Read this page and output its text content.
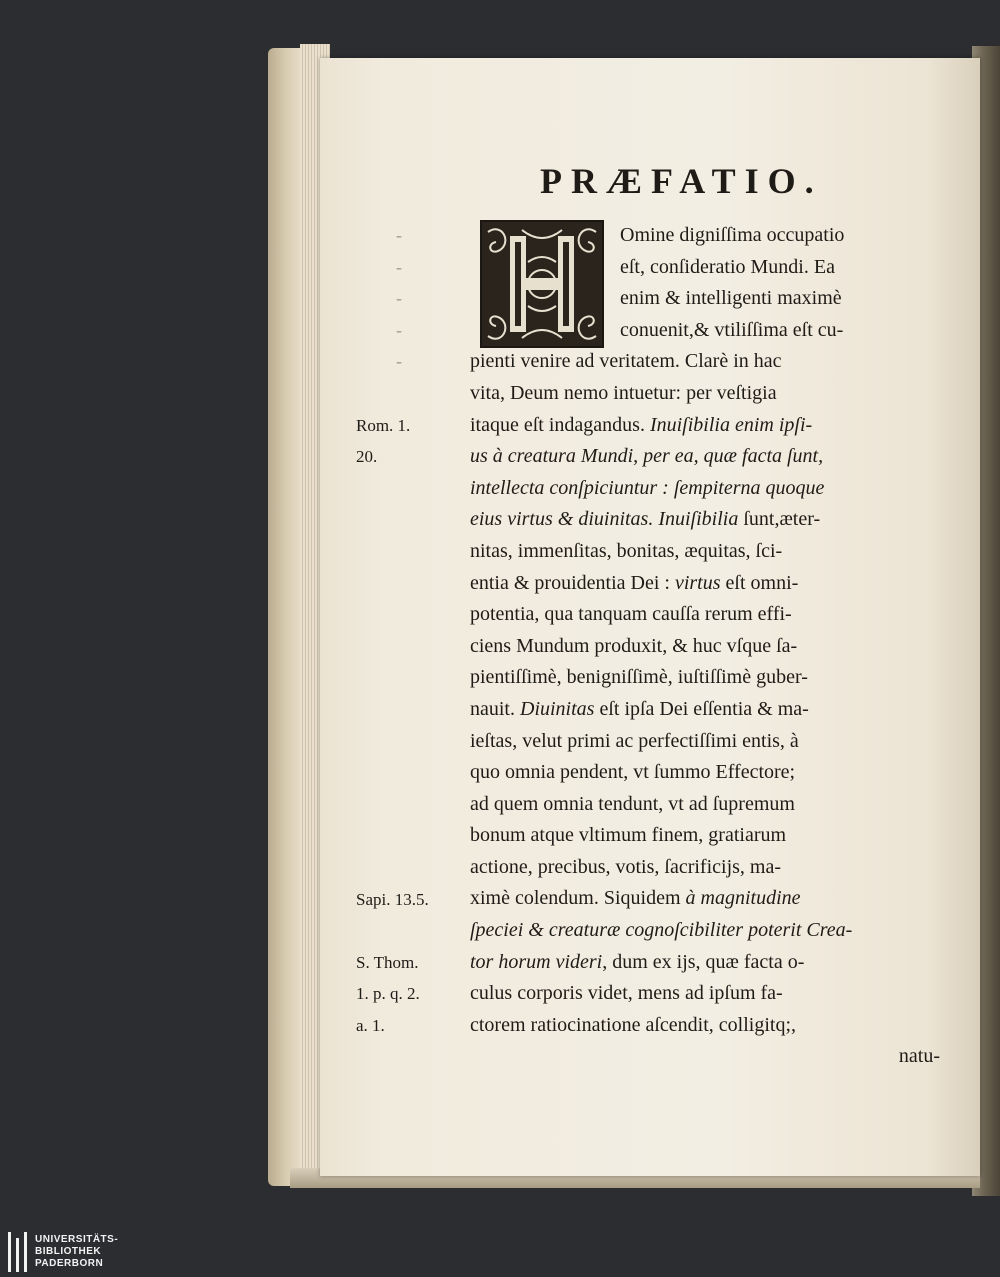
PRÆFATIO.
-
-
-
-
-
Omine digniſſima occupatio
eſt, conſideratio Mundi. Ea
enim & intelligenti maximè
conuenit,& vtiliſſima eſt cu-
pienti venire ad veritatem. Clarè in hac
vita, Deum nemo intuetur: per veſtigia
itaque eſt indagandus. Inuiſibilia enim ipſi-
us à creatura Mundi, per ea, quæ facta ſunt,
intellecta conſpiciuntur : ſempiterna quoque
eius virtus & diuinitas. Inuiſibilia ſunt,æter-
nitas, immenſitas, bonitas, æquitas, ſci-
entia & prouidentia Dei : virtus eſt omni-
potentia, qua tanquam cauſſa rerum effi-
ciens Mundum produxit, & huc vſque ſa-
pientiſſimè, benigniſſimè, iuſtiſſimè guber-
nauit. Diuinitas eſt ipſa Dei eſſentia & ma-
ieſtas, velut primi ac perfectiſſimi entis, à
quo omnia pendent, vt ſummo Effectore;
ad quem omnia tendunt, vt ad ſupremum
bonum atque vltimum finem, gratiarum
actione, precibus, votis, ſacrificijs, ma-
ximè colendum. Siquidem à magnitudine
ſpeciei & creaturæ cognoſcibiliter poterit Crea-
tor horum videri, dum ex ijs, quæ facta o-
culus corporis videt, mens ad ipſum fa-
ctorem ratiocinatione aſcendit, colligitq;,
natu-
Rom. 1.
20.
Sapi. 13.5.
S. Thom.
1. p. q. 2.
a. 1.
UNIVERSITÄTS-
BIBLIOTHEK
PADERBORN
